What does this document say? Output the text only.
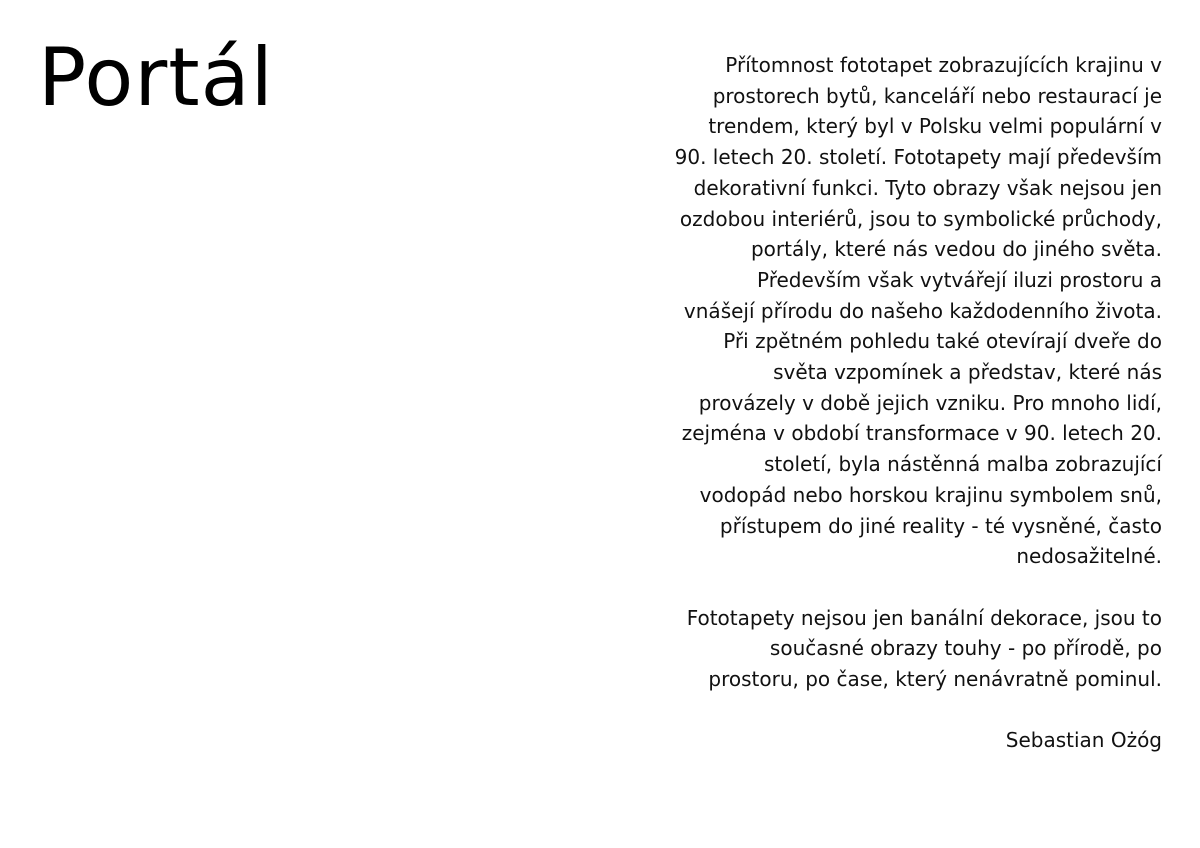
Portál	Přítomnost fototapet zobrazujících krajinu v
prostorech bytů, kanceláří nebo restaurací je
trendem, který byl v Polsku velmi populární v
90. letech 20. století. Fototapety mají především
dekorativní funkci. Tyto obrazy však nejsou jen
ozdobou interiérů, jsou to symbolické průchody,
portály, které nás vedou do jiného světa.
Především však vytvářejí iluzi prostoru a
vnášejí přírodu do našeho každodenního života.
Při zpětném pohledu také otevírají dveře do
světa vzpomínek a představ, které nás
provázely v době jejich vzniku. Pro mnoho lidí,
zejména v období transformace v 90. letech 20.
století, byla nástěnná malba zobrazující
vodopád nebo horskou krajinu symbolem snů,
přístupem do jiné reality - té vysněné, často
nedosažitelné.
Fototapety nejsou jen banální dekorace, jsou to
současné obrazy touhy - po přírodě, po
prostoru, po čase, který nenávratně pominul.
Sebastian Ożóg
